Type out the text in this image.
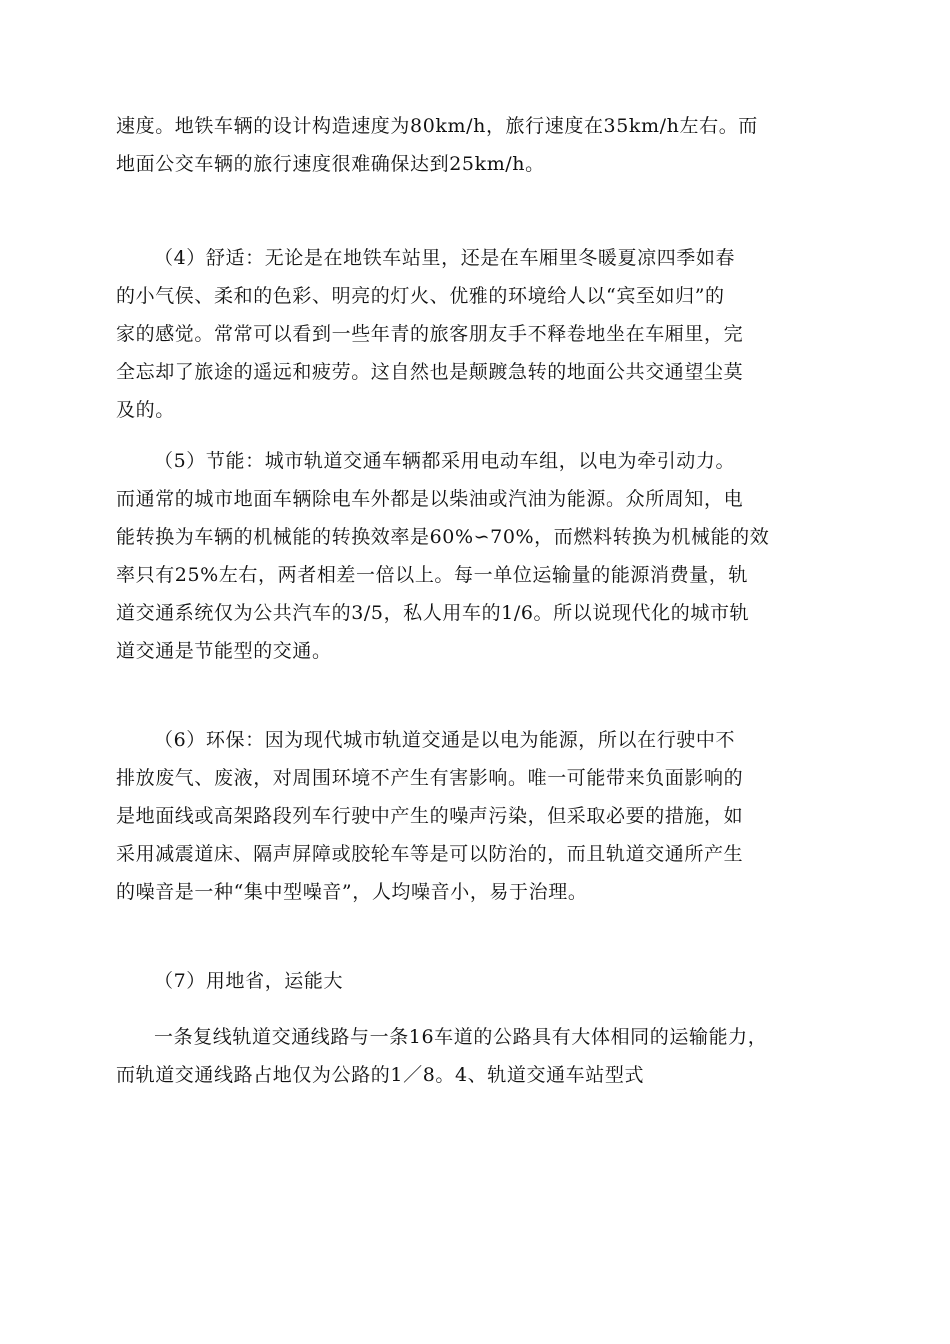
速度。地铁车辆的设计构造速度为80km/h，旅行速度在35km/h左右。而
地面公交车辆的旅行速度很难确保达到25km/h。
（4）舒适：无论是在地铁车站里，还是在车厢里冬暖夏凉四季如春
的小气侯、柔和的色彩、明亮的灯火、优雅的环境给人以“宾至如归”的
家的感觉。常常可以看到一些年青的旅客朋友手不释卷地坐在车厢里，完
全忘却了旅途的遥远和疲劳。这自然也是颠踱急转的地面公共交通望尘莫
及的。
（5）节能：城市轨道交通车辆都采用电动车组，以电为牵引动力。
而通常的城市地面车辆除电车外都是以柴油或汽油为能源。众所周知，电
能转换为车辆的机械能的转换效率是60%∽70%，而燃料转换为机械能的效
率只有25%左右，两者相差一倍以上。每一单位运输量的能源消费量，轨
道交通系统仅为公共汽车的3/5，私人用车的1/6。所以说现代化的城市轨
道交通是节能型的交通。
（6）环保：因为现代城市轨道交通是以电为能源，所以在行驶中不
排放废气、废液，对周围环境不产生有害影响。唯一可能带来负面影响的
是地面线或高架路段列车行驶中产生的噪声污染，但采取必要的措施，如
采用减震道床、隔声屏障或胶轮车等是可以防治的，而且轨道交通所产生
的噪音是一种“集中型噪音”，人均噪音小，易于治理。
（7）用地省，运能大
一条复线轨道交通线路与一条16车道的公路具有大体相同的运输能力，
而轨道交通线路占地仅为公路的1／8。4、轨道交通车站型式
